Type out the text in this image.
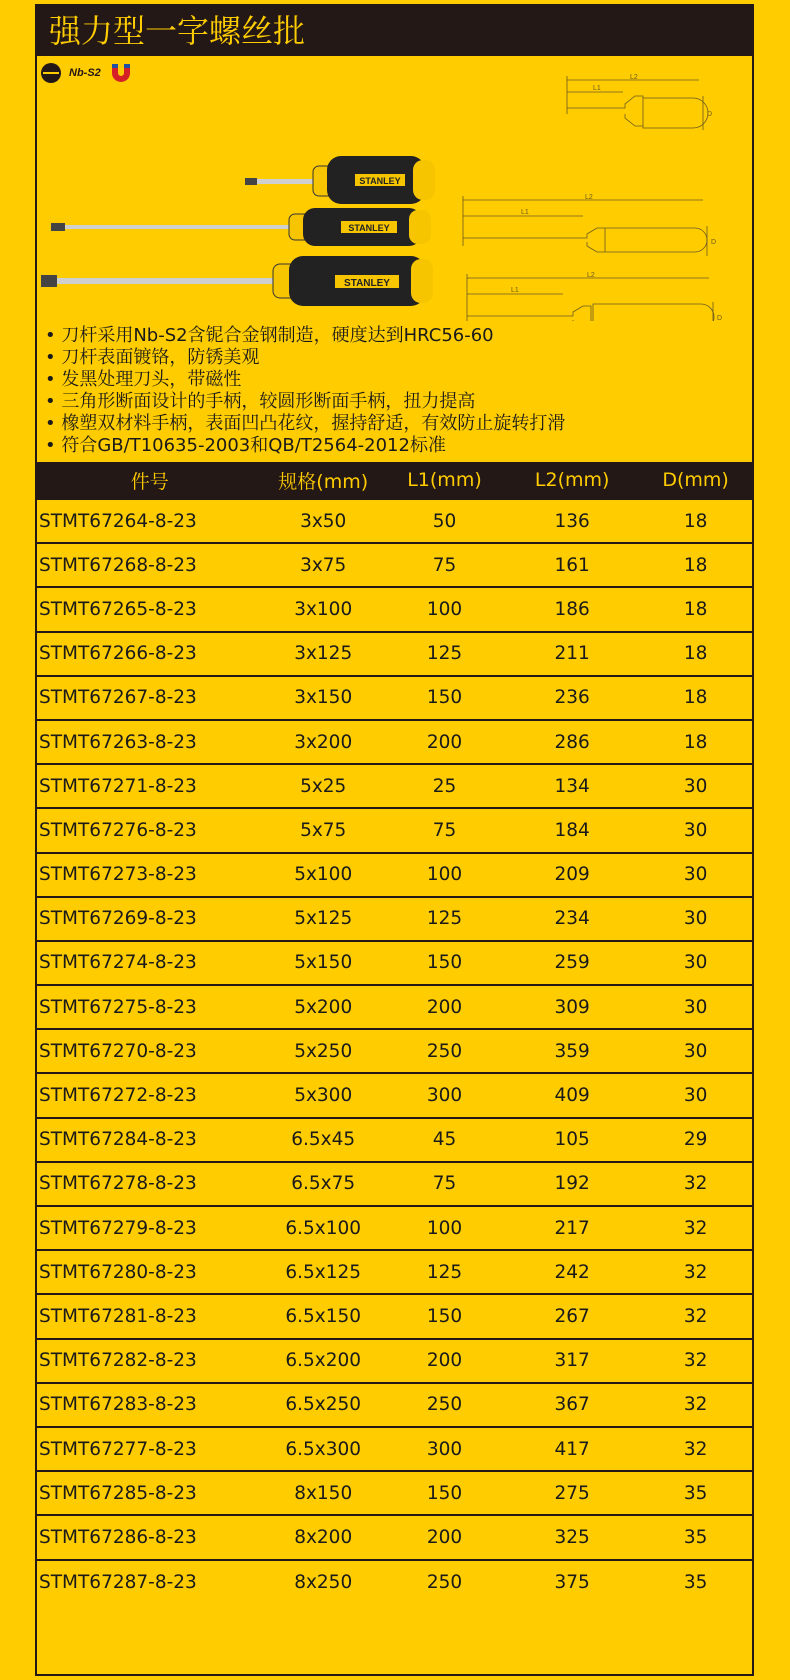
强力型一字螺丝批
Nb-S2
STANLEY
STANLEY
STANLEY
L2
L1
D
L2
L1
D
L2
L1
D
• 刀杆采用Nb-S2含铌合金钢制造，硬度达到HRC56-60
• 刀杆表面镀铬，防锈美观
• 发黑处理刀头，带磁性
• 三角形断面设计的手柄，较圆形断面手柄，扭力提高
• 橡塑双材料手柄，表面凹凸花纹，握持舒适，有效防止旋转打滑
• 符合GB/T10635-2003和QB/T2564-2012标准
件号	规格(mm)	L1(mm)	L2(mm)	D(mm)
STMT67264-8-23	3x50	50	136	18
STMT67268-8-23	3x75	75	161	18
STMT67265-8-23	3x100	100	186	18
STMT67266-8-23	3x125	125	211	18
STMT67267-8-23	3x150	150	236	18
STMT67263-8-23	3x200	200	286	18
STMT67271-8-23	5x25	25	134	30
STMT67276-8-23	5x75	75	184	30
STMT67273-8-23	5x100	100	209	30
STMT67269-8-23	5x125	125	234	30
STMT67274-8-23	5x150	150	259	30
STMT67275-8-23	5x200	200	309	30
STMT67270-8-23	5x250	250	359	30
STMT67272-8-23	5x300	300	409	30
STMT67284-8-23	6.5x45	45	105	29
STMT67278-8-23	6.5x75	75	192	32
STMT67279-8-23	6.5x100	100	217	32
STMT67280-8-23	6.5x125	125	242	32
STMT67281-8-23	6.5x150	150	267	32
STMT67282-8-23	6.5x200	200	317	32
STMT67283-8-23	6.5x250	250	367	32
STMT67277-8-23	6.5x300	300	417	32
STMT67285-8-23	8x150	150	275	35
STMT67286-8-23	8x200	200	325	35
STMT67287-8-23	8x250	250	375	35
